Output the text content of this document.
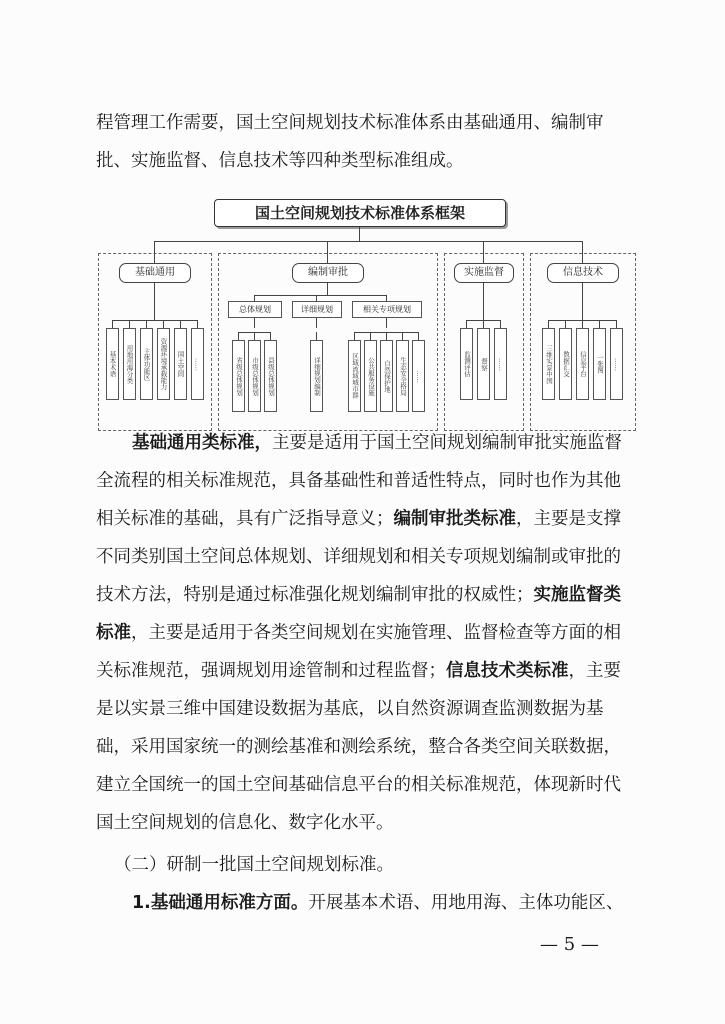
程管理工作需要，国土空间规划技术标准体系由基础通用、编制审
批、实施监督、信息技术等四种类型标准组成。
国土空间规划技术标准体系框架
基础通用
基本术语	用地用海分类	主体功能区	资源环境承载能力	国土空间	……
编制审批
总体规划
省级总体规划	市级总体规划	县级总体规划
详细规划
详细规划编制
相关专项规划
区域流域城市群	公共服务设施	自然保护地	生态安全格局	……
实施监督
监测评估	督察	……
信息技术
三维实景中国	数据汇交	信息平台	一张图	……
基础通用类标准，主要是适用于国土空间规划编制审批实施监督
全流程的相关标准规范，具备基础性和普适性特点，同时也作为其他
相关标准的基础，具有广泛指导意义；编制审批类标准，主要是支撑
不同类别国土空间总体规划、详细规划和相关专项规划编制或审批的
技术方法，特别是通过标准强化规划编制审批的权威性；实施监督类
标准，主要是适用于各类空间规划在实施管理、监督检查等方面的相
关标准规范，强调规划用途管制和过程监督；信息技术类标准，主要
是以实景三维中国建设数据为基底，以自然资源调查监测数据为基
础，采用国家统一的测绘基准和测绘系统，整合各类空间关联数据，
建立全国统一的国土空间基础信息平台的相关标准规范，体现新时代
国土空间规划的信息化、数字化水平。
（二）研制一批国土空间规划标准。
1.基础通用标准方面。开展基本术语、用地用海、主体功能区、
— 5 —
